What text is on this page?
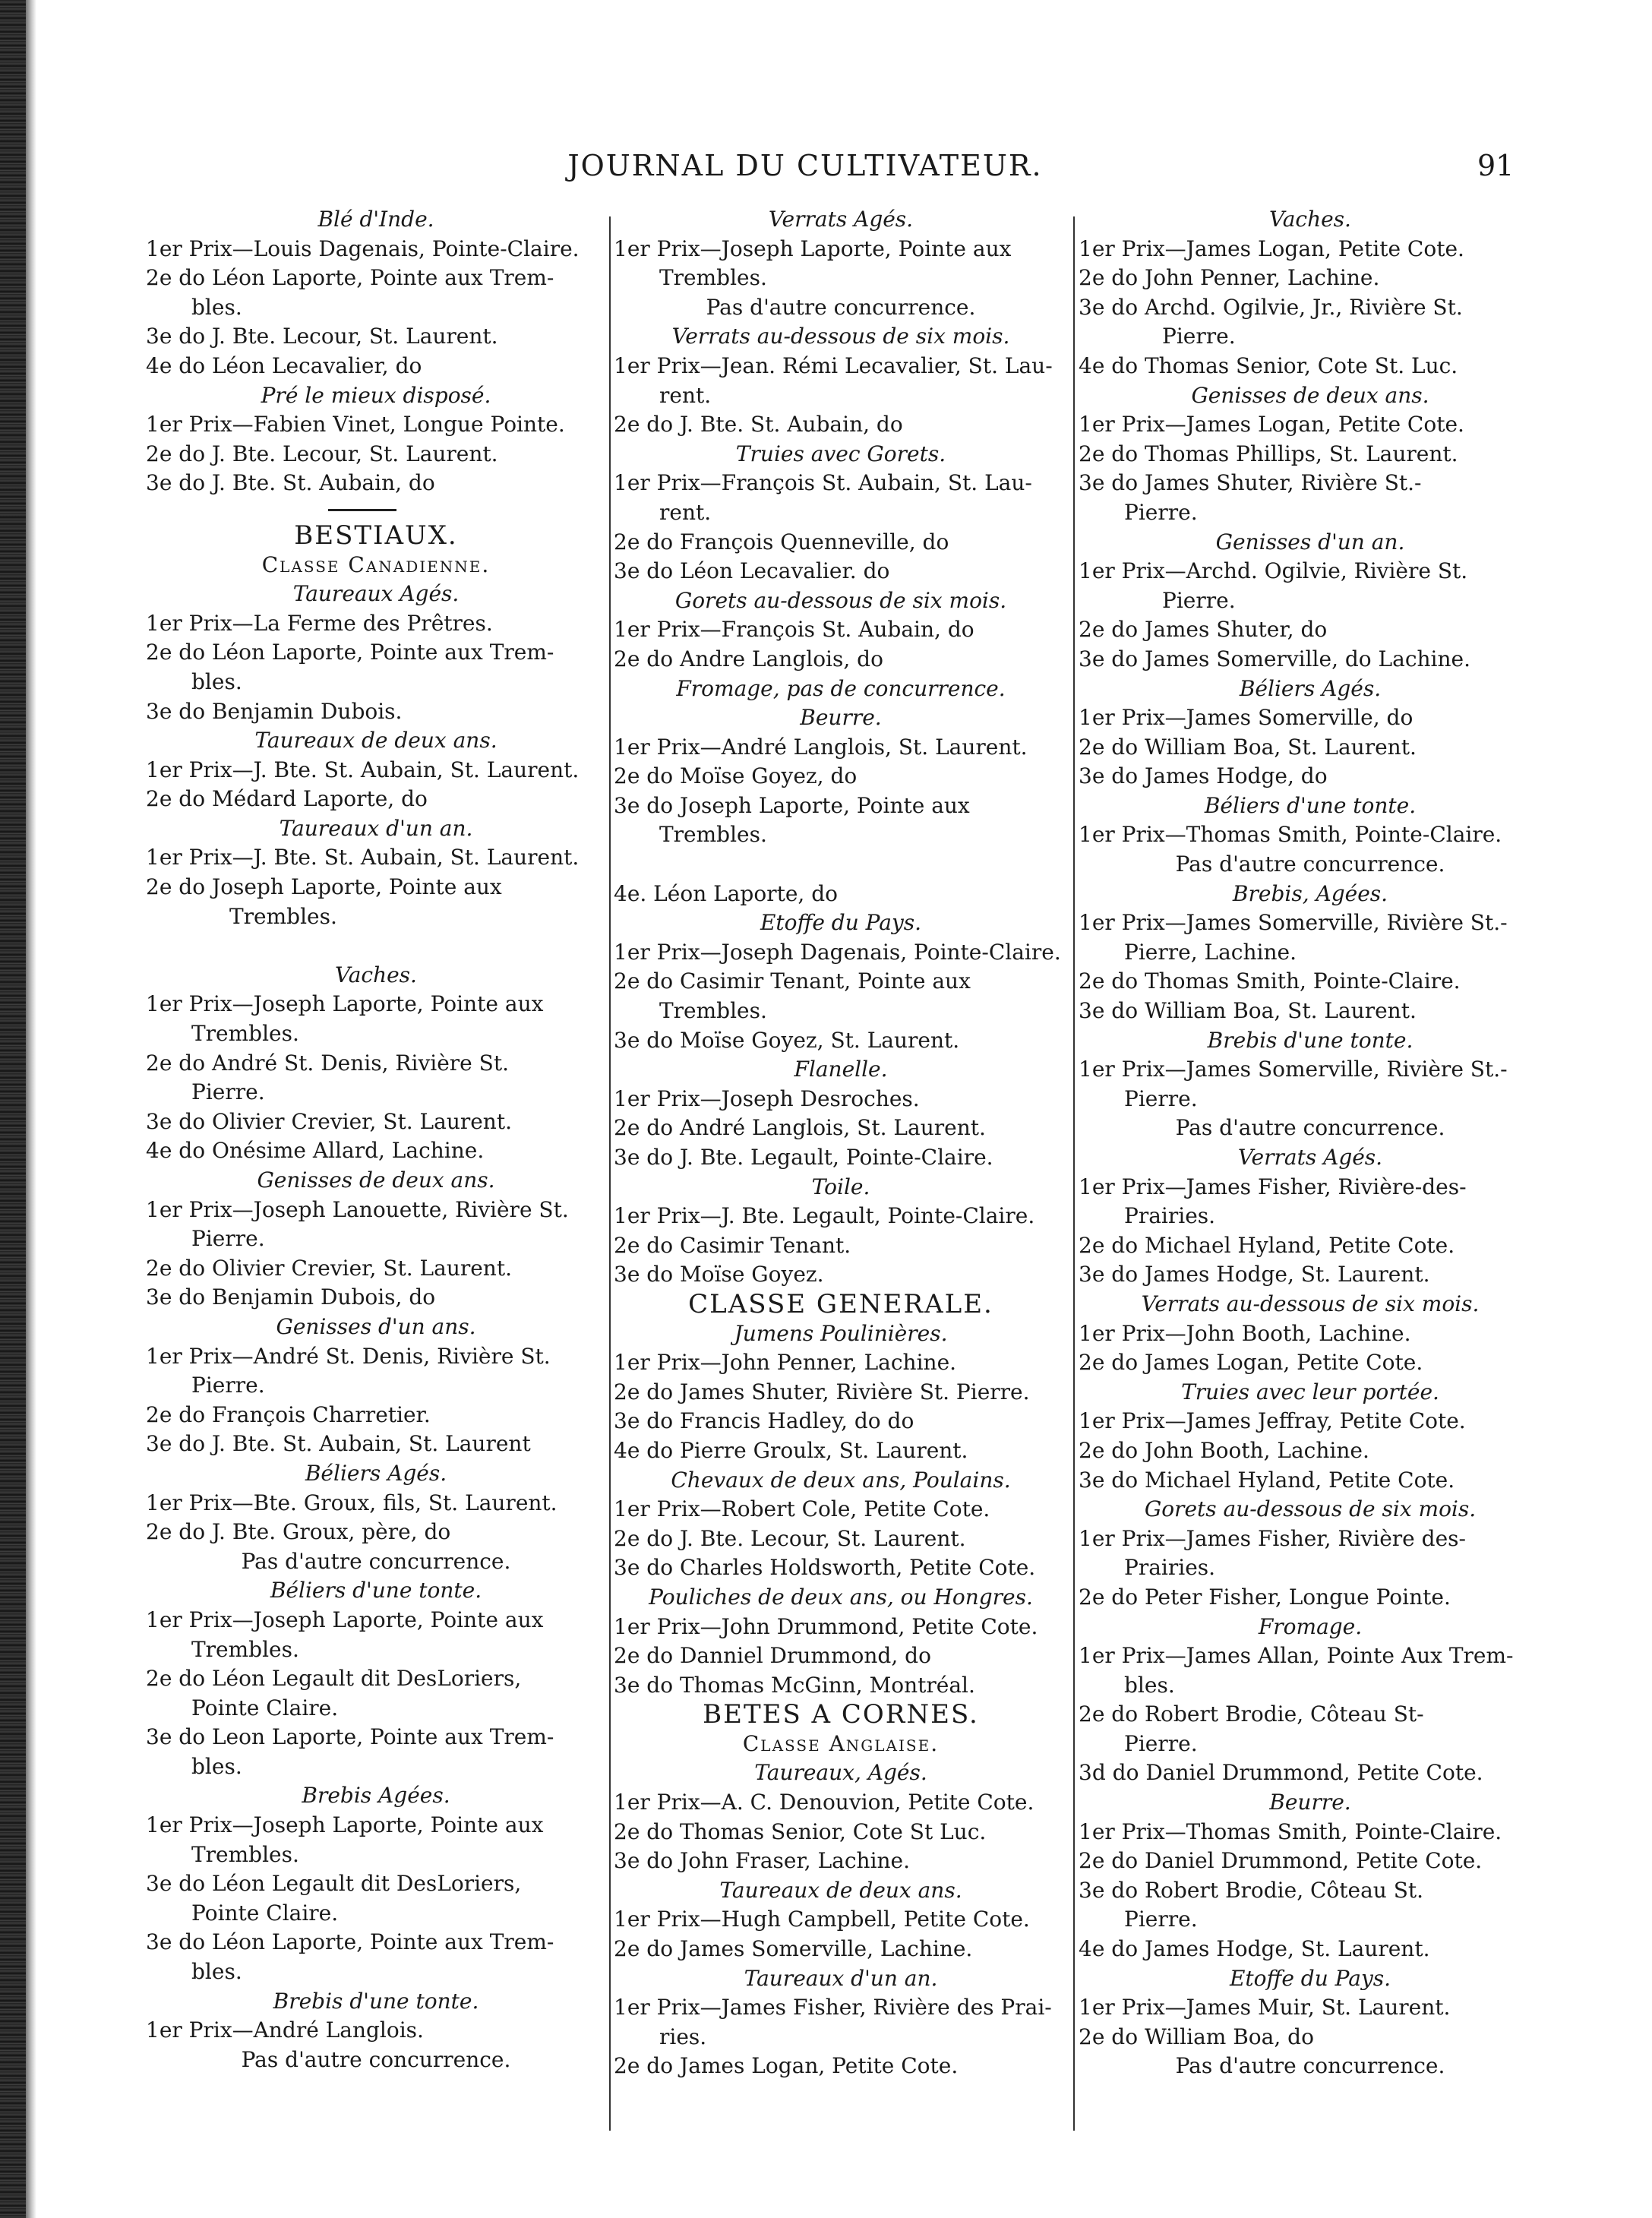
JOURNAL DU CULTIVATEUR.	91
Blé d'Inde.
1er Prix—Louis Dagenais, Pointe-Claire.
2e do Léon Laporte, Pointe aux Trem-
bles.
3e do J. Bte. Lecour, St. Laurent.
4e do Léon Lecavalier, do
Pré le mieux disposé.
1er Prix—Fabien Vinet, Longue Pointe.
2e do J. Bte. Lecour, St. Laurent.
3e do J. Bte. St. Aubain, do
BESTIAUX.
Classe Canadienne.
Taureaux Agés.
1er Prix—La Ferme des Prêtres.
2e do Léon Laporte, Pointe aux Trem-
bles.
3e do Benjamin Dubois.
Taureaux de deux ans.
1er Prix—J. Bte. St. Aubain, St. Laurent.
2e do Médard Laporte, do
Taureaux d'un an.
1er Prix—J. Bte. St. Aubain, St. Laurent.
2e do Joseph Laporte, Pointe aux
Trembles.
Vaches.
1er Prix—Joseph Laporte, Pointe aux
Trembles.
2e do André St. Denis, Rivière St.
Pierre.
3e do Olivier Crevier, St. Laurent.
4e do Onésime Allard, Lachine.
Genisses de deux ans.
1er Prix—Joseph Lanouette, Rivière St.
Pierre.
2e do Olivier Crevier, St. Laurent.
3e do Benjamin Dubois, do
Genisses d'un ans.
1er Prix—André St. Denis, Rivière St.
Pierre.
2e do François Charretier.
3e do J. Bte. St. Aubain, St. Laurent
Béliers Agés.
1er Prix—Bte. Groux, fils, St. Laurent.
2e do J. Bte. Groux, père, do
Pas d'autre concurrence.
Béliers d'une tonte.
1er Prix—Joseph Laporte, Pointe aux
Trembles.
2e do Léon Legault dit DesLoriers,
Pointe Claire.
3e do Leon Laporte, Pointe aux Trem-
bles.
Brebis Agées.
1er Prix—Joseph Laporte, Pointe aux
Trembles.
3e do Léon Legault dit DesLoriers,
Pointe Claire.
3e do Léon Laporte, Pointe aux Trem-
bles.
Brebis d'une tonte.
1er Prix—André Langlois.
Pas d'autre concurrence.
Verrats Agés.
1er Prix—Joseph Laporte, Pointe aux
Trembles.
Pas d'autre concurrence.
Verrats au-dessous de six mois.
1er Prix—Jean. Rémi Lecavalier, St. Lau-
rent.
2e do J. Bte. St. Aubain, do
Truies avec Gorets.
1er Prix—François St. Aubain, St. Lau-
rent.
2e do François Quenneville, do
3e do Léon Lecavalier. do
Gorets au-dessous de six mois.
1er Prix—François St. Aubain, do
2e do Andre Langlois, do
Fromage, pas de concurrence.
Beurre.
1er Prix—André Langlois, St. Laurent.
2e do Moïse Goyez, do
3e do Joseph Laporte, Pointe aux
Trembles.
4e. Léon Laporte, do
Etoffe du Pays.
1er Prix—Joseph Dagenais, Pointe-Claire.
2e do Casimir Tenant, Pointe aux
Trembles.
3e do Moïse Goyez, St. Laurent.
Flanelle.
1er Prix—Joseph Desroches.
2e do André Langlois, St. Laurent.
3e do J. Bte. Legault, Pointe-Claire.
Toile.
1er Prix—J. Bte. Legault, Pointe-Claire.
2e do Casimir Tenant.
3e do Moïse Goyez.
CLASSE GENERALE.
Jumens Poulinières.
1er Prix—John Penner, Lachine.
2e do James Shuter, Rivière St. Pierre.
3e do Francis Hadley, do do
4e do Pierre Groulx, St. Laurent.
Chevaux de deux ans, Poulains.
1er Prix—Robert Cole, Petite Cote.
2e do J. Bte. Lecour, St. Laurent.
3e do Charles Holdsworth, Petite Cote.
Pouliches de deux ans, ou Hongres.
1er Prix—John Drummond, Petite Cote.
2e do Danniel Drummond, do
3e do Thomas McGinn, Montréal.
BETES A CORNES.
Classe Anglaise.
Taureaux, Agés.
1er Prix—A. C. Denouvion, Petite Cote.
2e do Thomas Senior, Cote St Luc.
3e do John Fraser, Lachine.
Taureaux de deux ans.
1er Prix—Hugh Campbell, Petite Cote.
2e do James Somerville, Lachine.
Taureaux d'un an.
1er Prix—James Fisher, Rivière des Prai-
ries.
2e do James Logan, Petite Cote.
Vaches.
1er Prix—James Logan, Petite Cote.
2e do John Penner, Lachine.
3e do Archd. Ogilvie, Jr., Rivière St.
Pierre.
4e do Thomas Senior, Cote St. Luc.
Genisses de deux ans.
1er Prix—James Logan, Petite Cote.
2e do Thomas Phillips, St. Laurent.
3e do James Shuter, Rivière St.-
Pierre.
Genisses d'un an.
1er Prix—Archd. Ogilvie, Rivière St.
Pierre.
2e do James Shuter, do
3e do James Somerville, do Lachine.
Béliers Agés.
1er Prix—James Somerville, do
2e do William Boa, St. Laurent.
3e do James Hodge, do
Béliers d'une tonte.
1er Prix—Thomas Smith, Pointe-Claire.
Pas d'autre concurrence.
Brebis, Agées.
1er Prix—James Somerville, Rivière St.-
Pierre, Lachine.
2e do Thomas Smith, Pointe-Claire.
3e do William Boa, St. Laurent.
Brebis d'une tonte.
1er Prix—James Somerville, Rivière St.-
Pierre.
Pas d'autre concurrence.
Verrats Agés.
1er Prix—James Fisher, Rivière-des-
Prairies.
2e do Michael Hyland, Petite Cote.
3e do James Hodge, St. Laurent.
Verrats au-dessous de six mois.
1er Prix—John Booth, Lachine.
2e do James Logan, Petite Cote.
Truies avec leur portée.
1er Prix—James Jeffray, Petite Cote.
2e do John Booth, Lachine.
3e do Michael Hyland, Petite Cote.
Gorets au-dessous de six mois.
1er Prix—James Fisher, Rivière des-
Prairies.
2e do Peter Fisher, Longue Pointe.
Fromage.
1er Prix—James Allan, Pointe Aux Trem-
bles.
2e do Robert Brodie, Côteau St-
Pierre.
3d do Daniel Drummond, Petite Cote.
Beurre.
1er Prix—Thomas Smith, Pointe-Claire.
2e do Daniel Drummond, Petite Cote.
3e do Robert Brodie, Côteau St.
Pierre.
4e do James Hodge, St. Laurent.
Etoffe du Pays.
1er Prix—James Muir, St. Laurent.
2e do William Boa, do
Pas d'autre concurrence.
